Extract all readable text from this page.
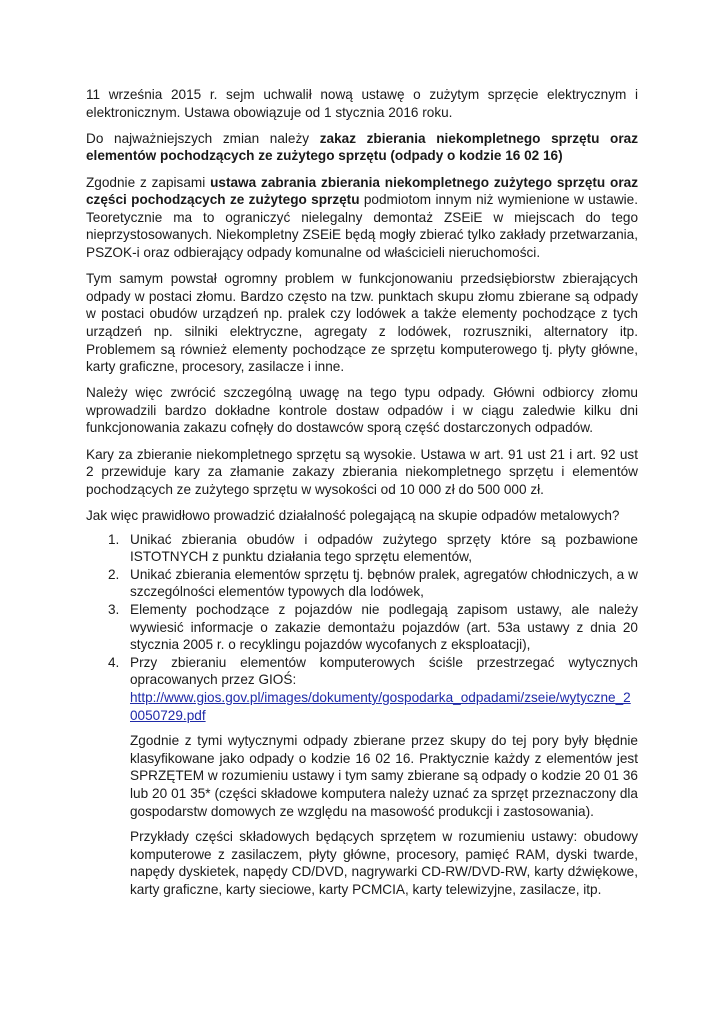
11 września 2015 r. sejm uchwalił nową ustawę o zużytym sprzęcie elektrycznym i elektronicznym. Ustawa obowiązuje od 1 stycznia 2016 roku.

Do najważniejszych zmian należy zakaz zbierania niekompletnego sprzętu oraz elementów pochodzących ze zużytego sprzętu (odpady o kodzie 16 02 16)

Zgodnie z zapisami ustawa zabrania zbierania niekompletnego zużytego sprzętu oraz części pochodzących ze zużytego sprzętu podmiotom innym niż wymienione w ustawie. Teoretycznie ma to ograniczyć nielegalny demontaż ZSEiE w miejscach do tego nieprzystosowanych. Niekompletny ZSEiE będą mogły zbierać tylko zakłady przetwarzania, PSZOK-i oraz odbierający odpady komunalne od właścicieli nieruchomości.

Tym samym powstał ogromny problem w funkcjonowaniu przedsiębiorstw zbierających odpady w postaci złomu. Bardzo często na tzw. punktach skupu złomu zbierane są odpady w postaci obudów urządzeń np. pralek czy lodówek a także elementy pochodzące z tych urządzeń np. silniki elektryczne, agregaty z lodówek, rozruszniki, alternatory itp. Problemem są również elementy pochodzące ze sprzętu komputerowego tj. płyty główne, karty graficzne, procesory, zasilacze i inne.

Należy więc zwrócić szczególną uwagę na tego typu odpady. Główni odbiorcy złomu wprowadzili bardzo dokładne kontrole dostaw odpadów i w ciągu zaledwie kilku dni funkcjonowania zakazu cofnęły do dostawców sporą część dostarczonych odpadów.

Kary za zbieranie niekompletnego sprzętu są wysokie. Ustawa w art. 91 ust 21 i art. 92 ust 2 przewiduje kary za złamanie zakazy zbierania niekompletnego sprzętu i elementów pochodzących ze zużytego sprzętu w wysokości od 10 000 zł do 500 000 zł.

Jak więc prawidłowo prowadzić działalność polegającą na skupie odpadów metalowych?

1. Unikać zbierania obudów i odpadów zużytego sprzęty które są pozbawione ISTOTNYCH z punktu działania tego sprzętu elementów,
2. Unikać zbierania elementów sprzętu tj. bębnów pralek, agregatów chłodniczych, a w szczególności elementów typowych dla lodówek,
3. Elementy pochodzące z pojazdów nie podlegają zapisom ustawy, ale należy wywiesić informacje o zakazie demontażu pojazdów (art. 53a ustawy z dnia 20 stycznia 2005 r. o recyklingu pojazdów wycofanych z eksploatacji),
4. Przy zbieraniu elementów komputerowych ściśle przestrzegać wytycznych opracowanych przez GIOŚ:
http://www.gios.gov.pl/images/dokumenty/gospodarka_odpadami/zseie/wytyczne_20050729.pdf

Zgodnie z tymi wytycznymi odpady zbierane przez skupy do tej pory były błędnie klasyfikowane jako odpady o kodzie 16 02 16. Praktycznie każdy z elementów jest SPRZĘTEM w rozumieniu ustawy i tym samy zbierane są odpady o kodzie 20 01 36 lub 20 01 35* (części składowe komputera należy uznać za sprzęt przeznaczony dla gospodarstw domowych ze względu na masowość produkcji i zastosowania).

Przykłady części składowych będących sprzętem w rozumieniu ustawy: obudowy komputerowe z zasilaczem, płyty główne, procesory, pamięć RAM, dyski twarde, napędy dyskietek, napędy CD/DVD, nagrywarki CD-RW/DVD-RW, karty dźwiękowe, karty graficzne, karty sieciowe, karty PCMCIA, karty telewizyjne, zasilacze, itp.
